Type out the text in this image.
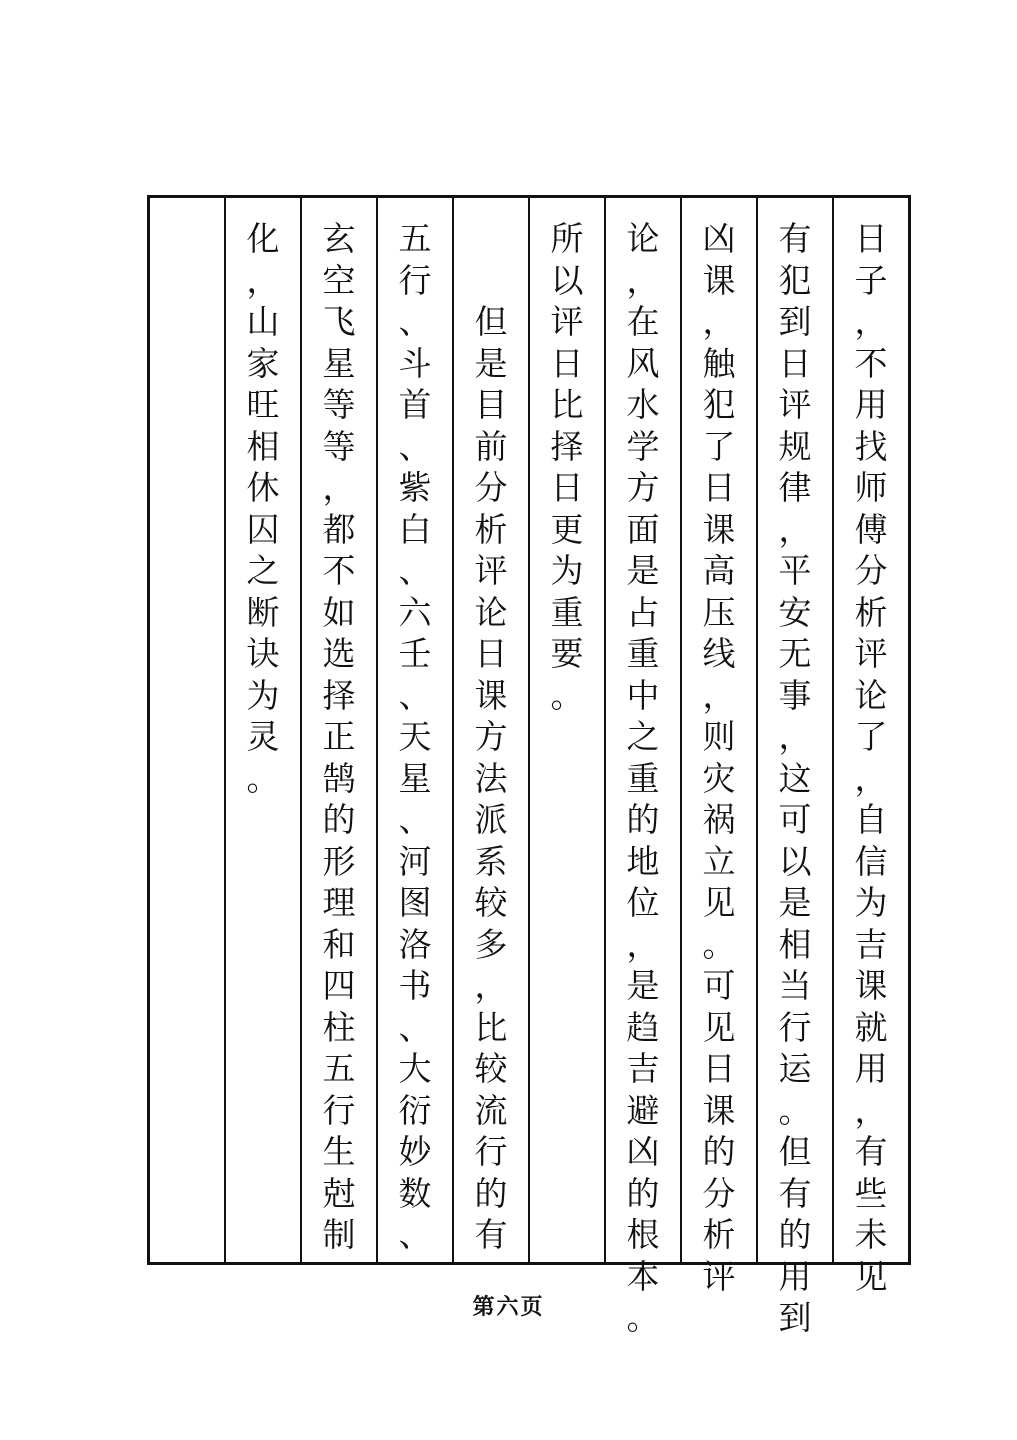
日
子
，
不
用
找
师
傅
分
析
评
论
了
，
自
信
为
吉
课
就
用
，
有
些
未
见
有
犯
到
日
评
规
律
，
平
安
无
事
，
这
可
以
是
相
当
行
运
。
但
有
的
用
到
凶
课
，
触
犯
了
日
课
高
压
线
，
则
灾
祸
立
见
。
可
见
日
课
的
分
析
评
论
，
在
风
水
学
方
面
是
占
重
中
之
重
的
地
位
，
是
趋
吉
避
凶
的
根
本
。
所
以
评
日
比
择
日
更
为
重
要
。
但
是
目
前
分
析
评
论
日
课
方
法
派
系
较
多
，
比
较
流
行
的
有
五
行
、
斗
首
、
紫
白
、
六
壬
、
天
星
、
河
图
洛
书
、
大
衍
妙
数
、
玄
空
飞
星
等
等
，
都
不
如
选
择
正
鹄
的
形
理
和
四
柱
五
行
生
尅
制
化
，
山
家
旺
相
休
囚
之
断
诀
为
灵
。
第六页
